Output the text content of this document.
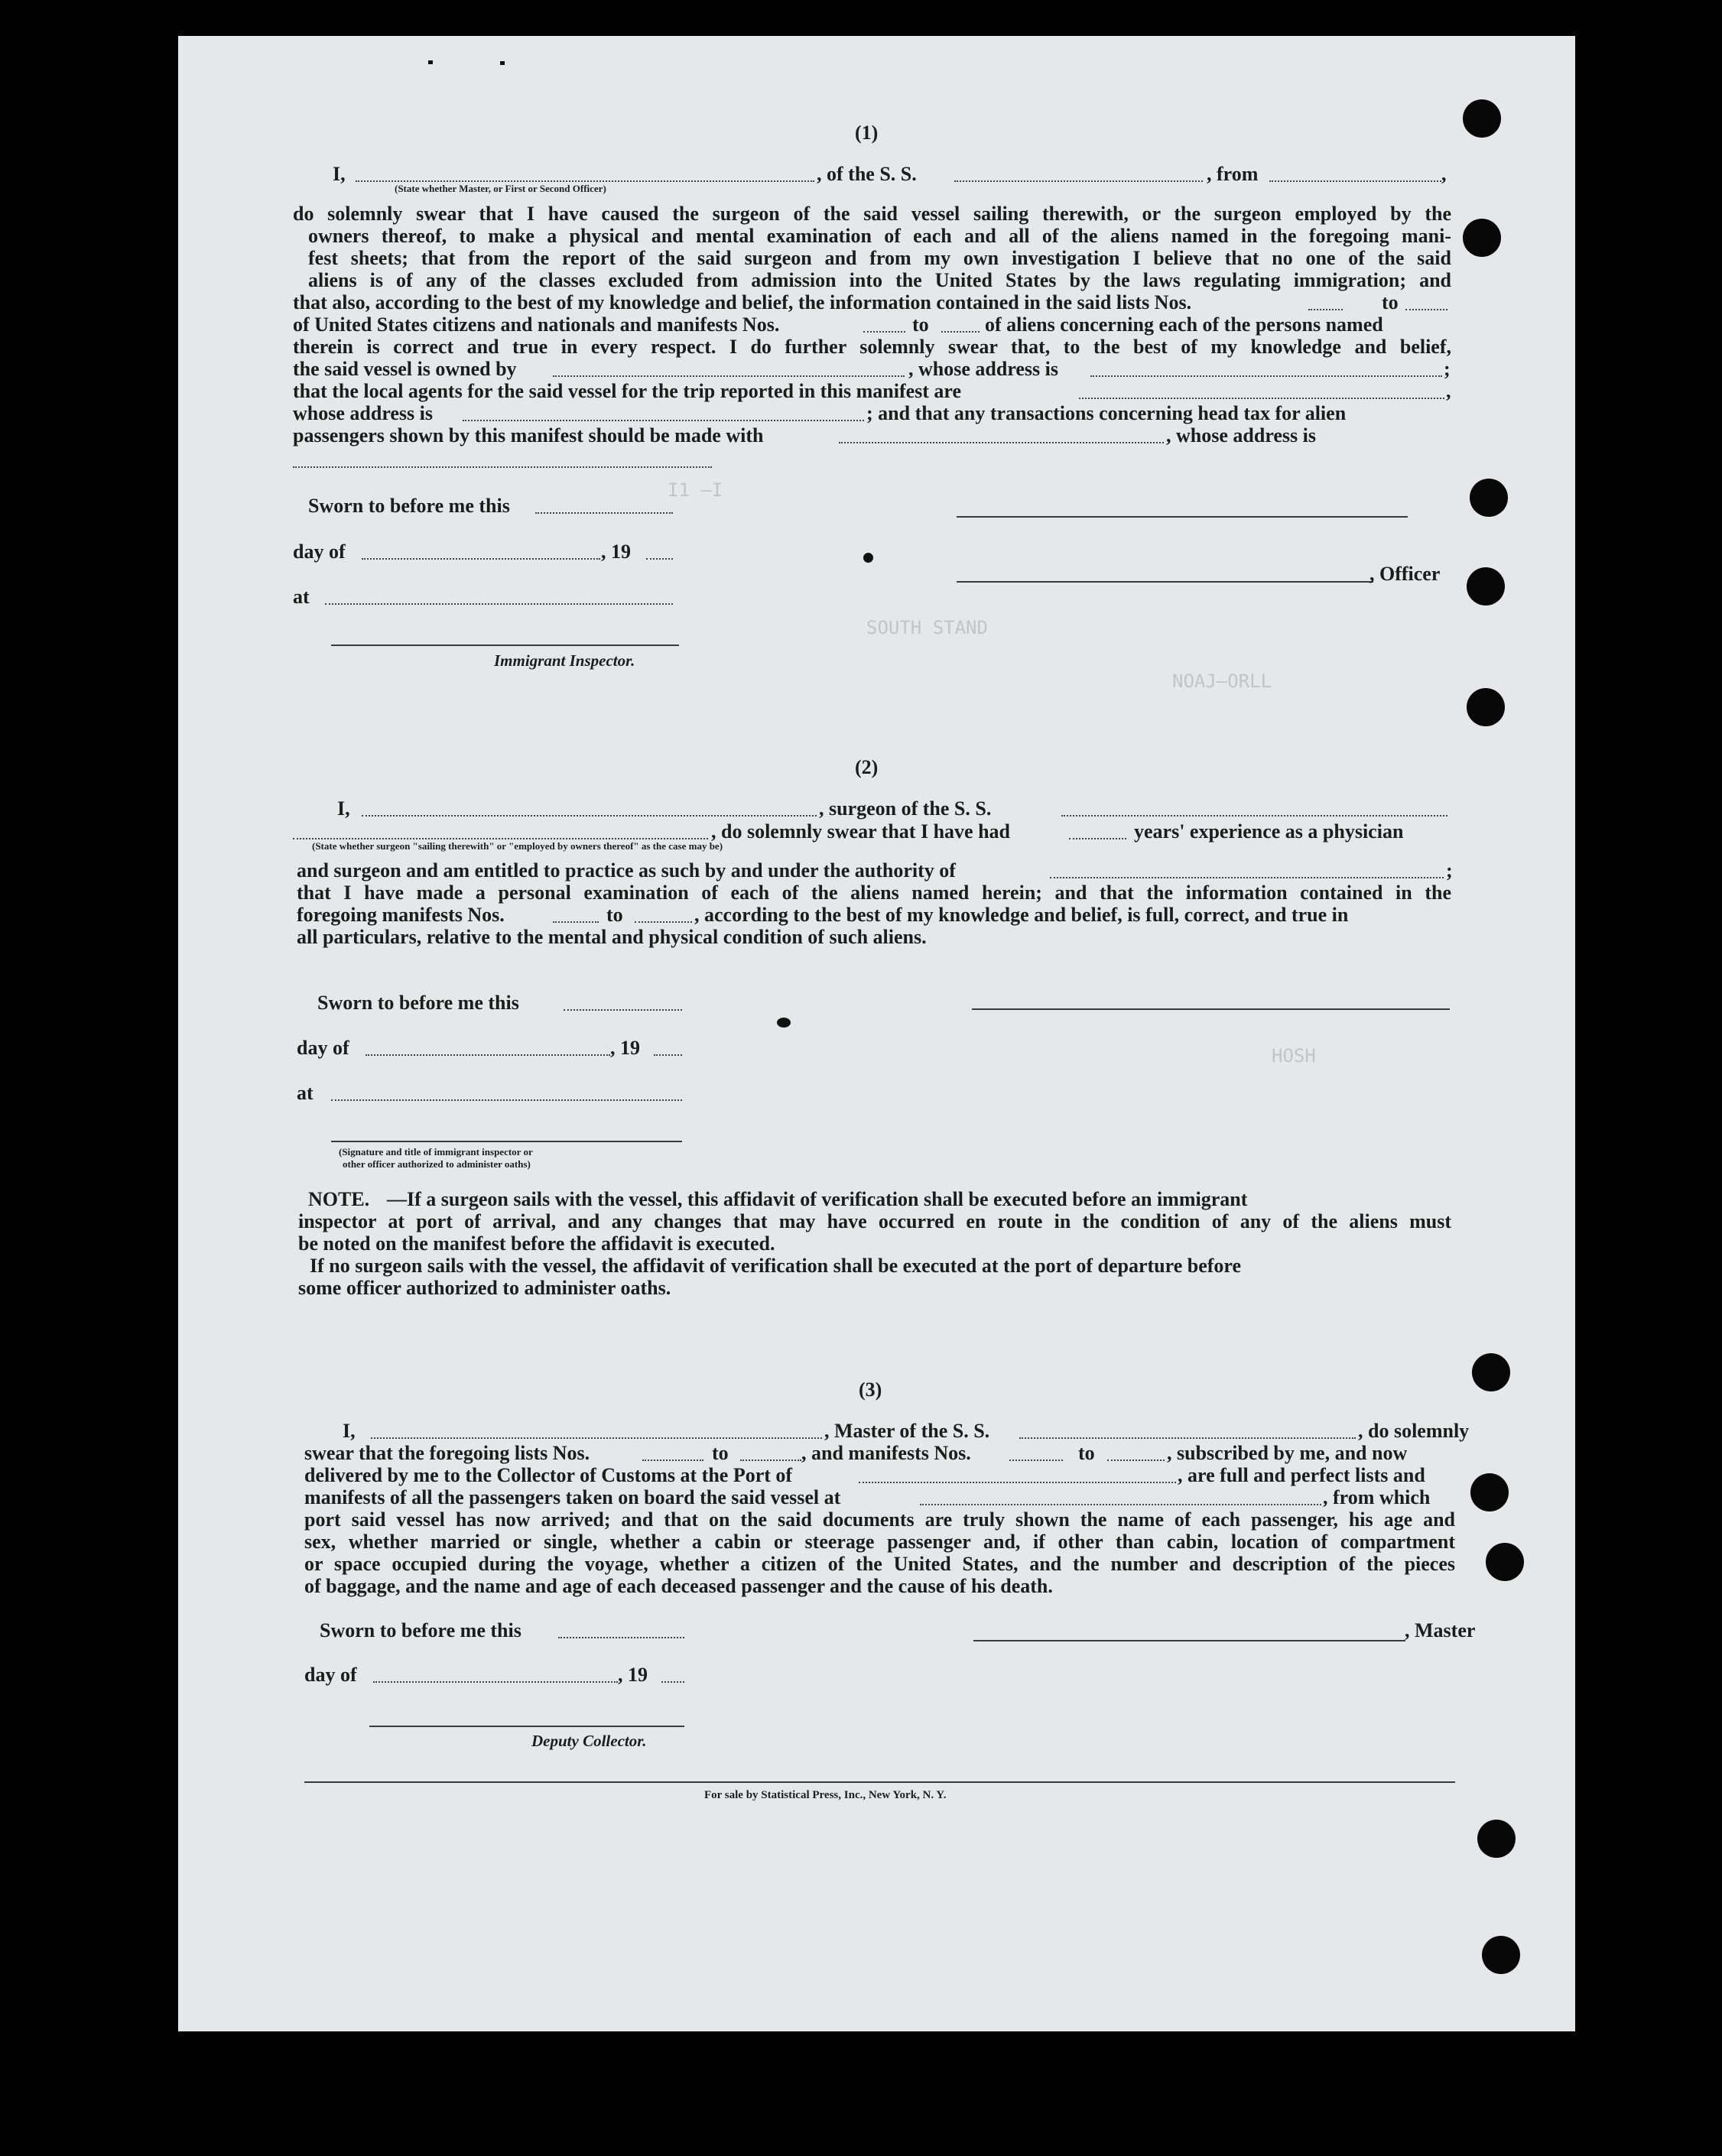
Ι1 —Ι
SOUTH STAND
NOAJ—ORLL
HOSH
(1)
I,	, of the S. S.	, from	,
(State whether Master, or First or Second Officer)
do solemnly swear that I have caused the surgeon of the said vessel sailing therewith, or the surgeon employed by the
owners thereof, to make a physical and mental examination of each and all of the aliens named in the foregoing mani-
fest sheets; that from the report of the said surgeon and from my own investigation I believe that no one of the said
aliens is of any of the classes excluded from admission into the United States by the laws regulating immigration; and
that also, according to the best of my knowledge and belief, the information contained in the said lists Nos.	to
of United States citizens and nationals and manifests Nos.	to	of aliens concerning each of the persons named
therein is correct and true in every respect. I do further solemnly swear that, to the best of my knowledge and belief,
the said vessel is owned by	, whose address is	;
that the local agents for the said vessel for the trip reported in this manifest are	,
whose address is	; and that any transactions concerning head tax for alien
passengers shown by this manifest should be made with	, whose address is
Sworn to before me this
day of	, 19
, Officer
at
Immigrant Inspector.
(2)
I,	, surgeon of the S. S.
, do solemnly swear that I have had	years' experience as a physician
(State whether surgeon "sailing therewith" or "employed by owners thereof" as the case may be)
and surgeon and am entitled to practice as such by and under the authority of	;
that I have made a personal examination of each of the aliens named herein; and that the information contained in the
foregoing manifests Nos.	to	, according to the best of my knowledge and belief, is full, correct, and true in
all particulars, relative to the mental and physical condition of such aliens.
Sworn to before me this
day of	, 19
at
(Signature and title of immigrant inspector or
other officer authorized to administer oaths)
NOTE. —If a surgeon sails with the vessel, this affidavit of verification shall be executed before an immigrant
inspector at port of arrival, and any changes that may have occurred en route in the condition of any of the aliens must
be noted on the manifest before the affidavit is executed.
If no surgeon sails with the vessel, the affidavit of verification shall be executed at the port of departure before
some officer authorized to administer oaths.
(3)
I,	, Master of the S. S.	, do solemnly
swear that the foregoing lists Nos.	to	, and manifests Nos.	to	, subscribed by me, and now
delivered by me to the Collector of Customs at the Port of	, are full and perfect lists and
manifests of all the passengers taken on board the said vessel at	, from which
port said vessel has now arrived; and that on the said documents are truly shown the name of each passenger, his age and
sex, whether married or single, whether a cabin or steerage passenger and, if other than cabin, location of compartment
or space occupied during the voyage, whether a citizen of the United States, and the number and description of the pieces
of baggage, and the name and age of each deceased passenger and the cause of his death.
Sworn to before me this	, Master
day of	, 19
Deputy Collector.
For sale by Statistical Press, Inc., New York, N. Y.
